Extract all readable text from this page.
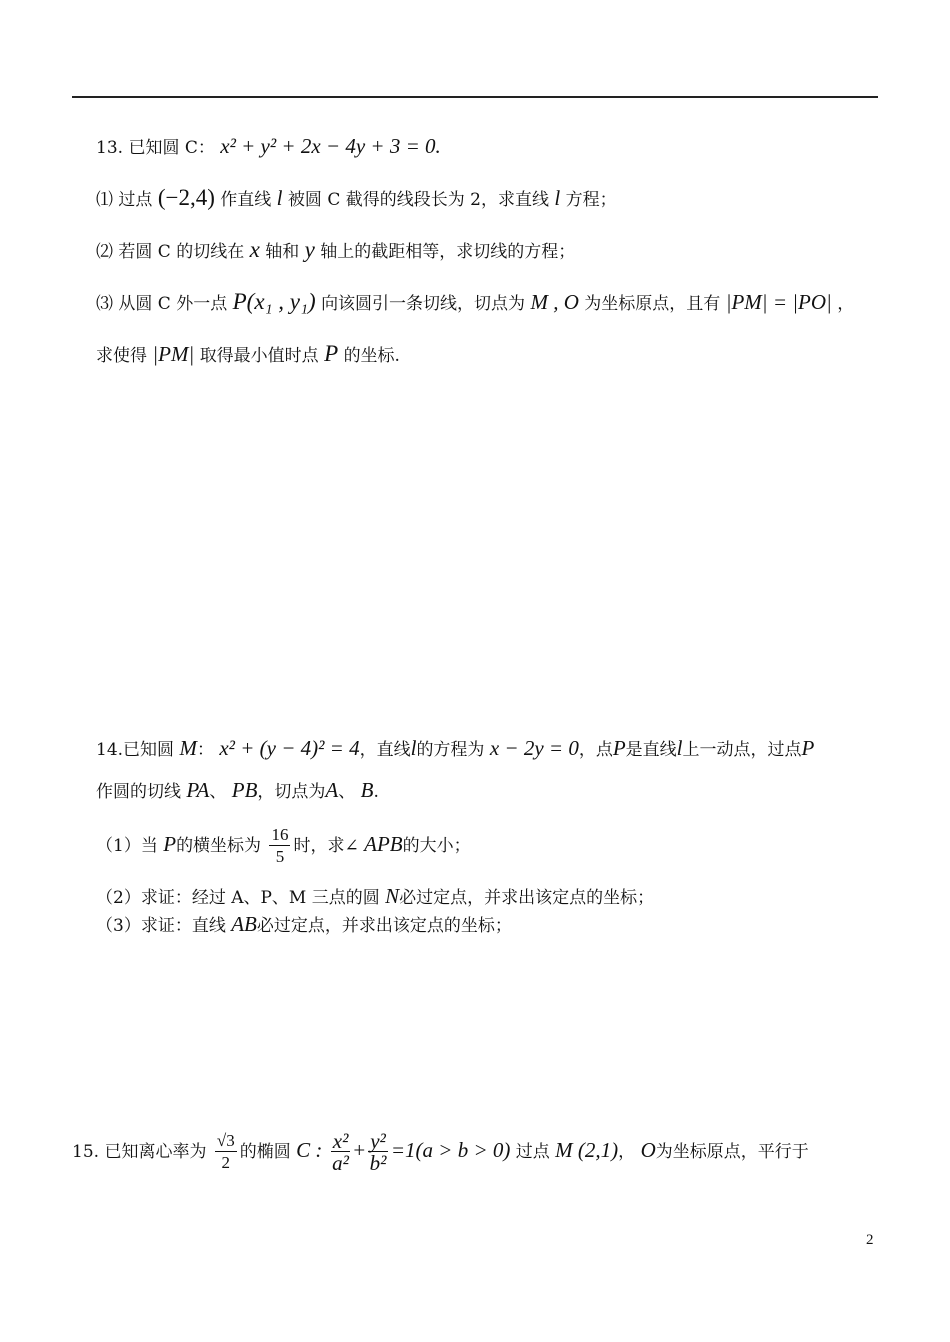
13. 已知圆 C： x² + y² + 2x − 4y + 3 = 0.
⑴ 过点 (−2,4) 作直线 l 被圆 C 截得的线段长为 2，求直线 l 方程；
⑵ 若圆 C 的切线在 x 轴和 y 轴上的截距相等，求切线的方程；
⑶ 从圆 C 外一点 P(x₁ , y₁) 向该圆引一条切线，切点为 M , O 为坐标原点，且有 |PM| = |PO| ，
求使得 |PM| 取得最小值时点 P 的坐标.
14.已知圆 M： x² + (y − 4)² = 4，直线l的方程为 x − 2y = 0，点P是直线l上一动点，过点P
作圆的切线 PA、 PB，切点为A、 B.
（1）当 P的横坐标为 $\frac{16}{5}$ 时，求∠ APB的大小；
（2）求证：经过 A、P、M 三点的圆 N必过定点，并求出该定点的坐标；
（3）求证：直线 AB必过定点，并求出该定点的坐标；
15. 已知离心率为 $\frac{√3}{2}$ 的椭圆 C : $\frac{\text{x²}}{\text{a²}} + \frac{\text{y²}}{\text{b²}} =1(a > b > 0)$ 过点 M (2,1)， O为坐标原点，平行于
2
